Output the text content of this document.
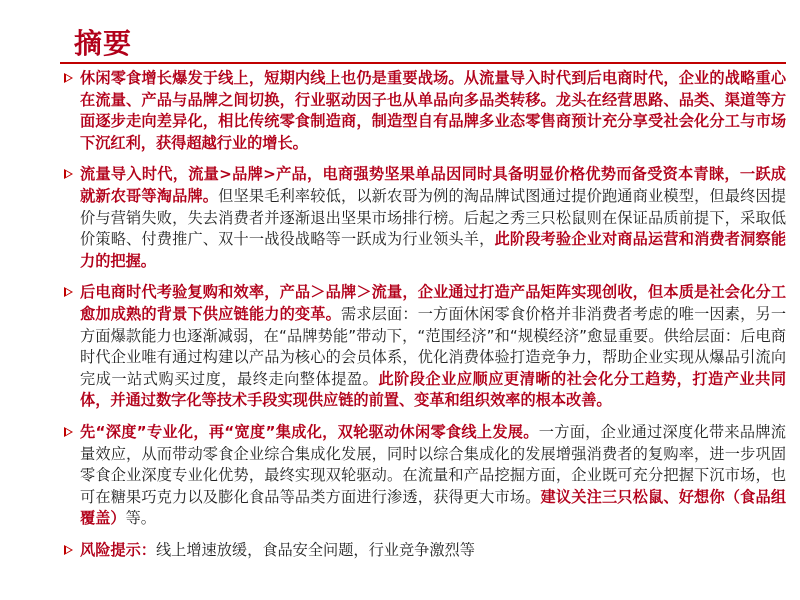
摘要
休闲零食增长爆发于线上，短期内线上也仍是重要战场。从流量导入时代到后电商时代，企业的战略重心在流量、产品与品牌之间切换，行业驱动因子也从单品向多品类转移。龙头在经营思路、品类、渠道等方面逐步走向差异化，相比传统零食制造商，制造型自有品牌多业态零售商预计充分享受社会化分工与市场下沉红利，获得超越行业的增长。
流量导入时代，流量>品牌>产品，电商强势坚果单品因同时具备明显价格优势而备受资本青睐，一跃成就新农哥等淘品牌。但坚果毛利率较低，以新农哥为例的淘品牌试图通过提价跑通商业模型，但最终因提价与营销失败，失去消费者并逐渐退出坚果市场排行榜。后起之秀三只松鼠则在保证品质前提下，采取低价策略、付费推广、双十一战役战略等一跃成为行业领头羊，此阶段考验企业对商品运营和消费者洞察能力的把握。
后电商时代考验复购和效率，产品＞品牌＞流量，企业通过打造产品矩阵实现创收，但本质是社会化分工愈加成熟的背景下供应链能力的变革。需求层面：一方面休闲零食价格并非消费者考虑的唯一因素，另一方面爆款能力也逐渐减弱，在“品牌势能”带动下，“范围经济”和“规模经济”愈显重要。供给层面：后电商时代企业唯有通过构建以产品为核心的会员体系，优化消费体验打造竞争力，帮助企业实现从爆品引流向完成一站式购买过度，最终走向整体提盈。此阶段企业应顺应更清晰的社会化分工趋势，打造产业共同体，并通过数字化等技术手段实现供应链的前置、变革和组织效率的根本改善。
先“深度”专业化，再“宽度”集成化，双轮驱动休闲零食线上发展。一方面，企业通过深度化带来品牌流量效应，从而带动零食企业综合集成化发展，同时以综合集成化的发展增强消费者的复购率，进一步巩固零食企业深度专业化优势，最终实现双轮驱动。在流量和产品挖掘方面，企业既可充分把握下沉市场，也可在糖果巧克力以及膨化食品等品类方面进行渗透，获得更大市场。建议关注三只松鼠、好想你（食品组覆盖）等。
风险提示：线上增速放缓，食品安全问题，行业竞争激烈等
